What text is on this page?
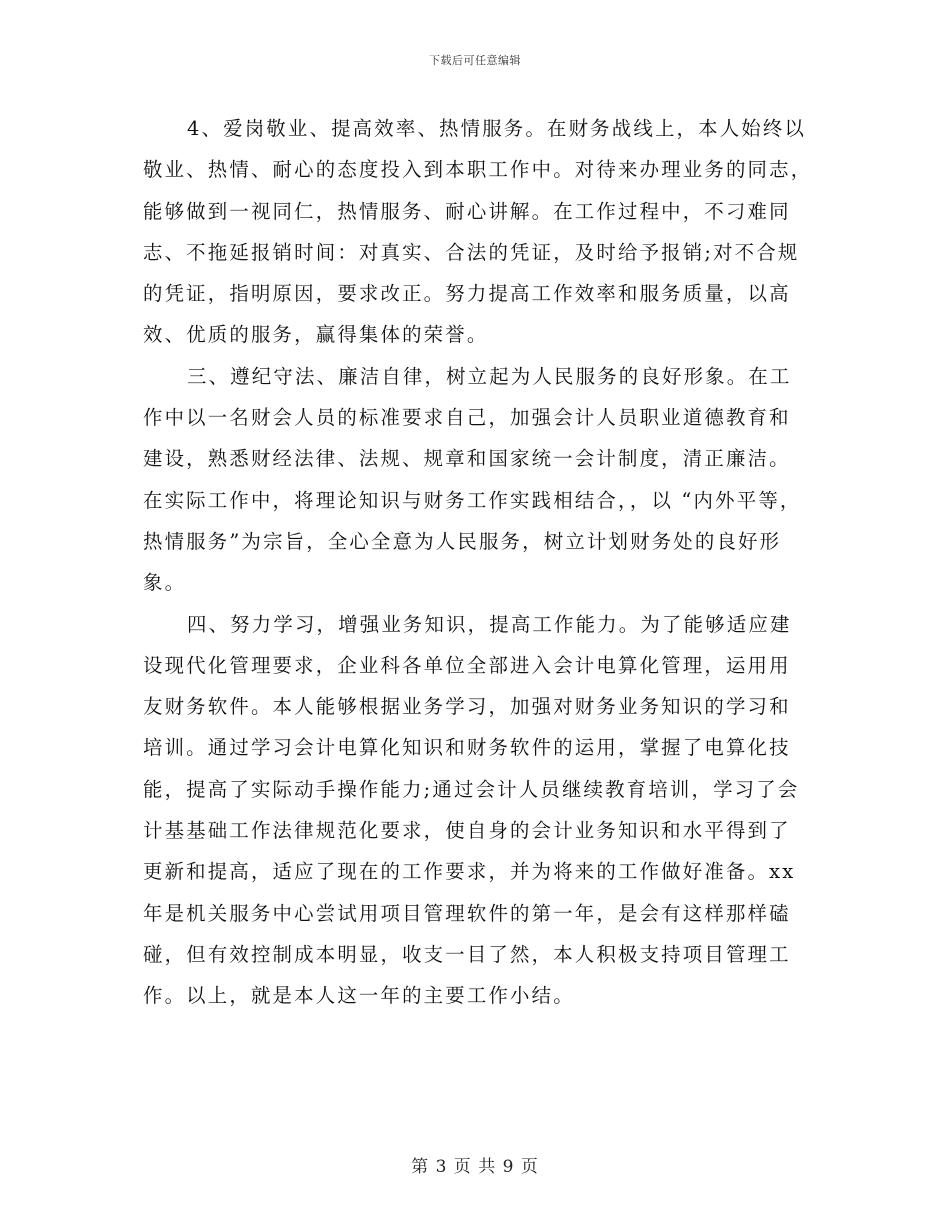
下载后可任意编辑
4、爱岗敬业、提高效率、热情服务。在财务战线上，本人始终以
敬业、热情、耐心的态度投入到本职工作中。对待来办理业务的同志，
能够做到一视同仁，热情服务、耐心讲解。在工作过程中，不刁难同
志、不拖延报销时间：对真实、合法的凭证，及时给予报销;对不合规
的凭证，指明原因，要求改正。努力提高工作效率和服务质量，以高
效、优质的服务，赢得集体的荣誉。
三、遵纪守法、廉洁自律，树立起为人民服务的良好形象。在工
作中以一名财会人员的标准要求自己，加强会计人员职业道德教育和
建设，熟悉财经法律、法规、规章和国家统一会计制度，清正廉洁。
在实际工作中，将理论知识与财务工作实践相结合，，以 “内外平等，
热情服务”为宗旨，全心全意为人民服务，树立计划财务处的良好形
象。
四、努力学习，增强业务知识，提高工作能力。为了能够适应建
设现代化管理要求，企业科各单位全部进入会计电算化管理，运用用
友财务软件。本人能够根据业务学习，加强对财务业务知识的学习和
培训。通过学习会计电算化知识和财务软件的运用，掌握了电算化技
能，提高了实际动手操作能力;通过会计人员继续教育培训，学习了会
计基基础工作法律规范化要求，使自身的会计业务知识和水平得到了
更新和提高，适应了现在的工作要求，并为将来的工作做好准备。xx
年是机关服务中心尝试用项目管理软件的第一年，是会有这样那样磕
碰，但有效控制成本明显，收支一目了然，本人积极支持项目管理工
作。以上，就是本人这一年的主要工作小结。
第 3 页 共 9 页
